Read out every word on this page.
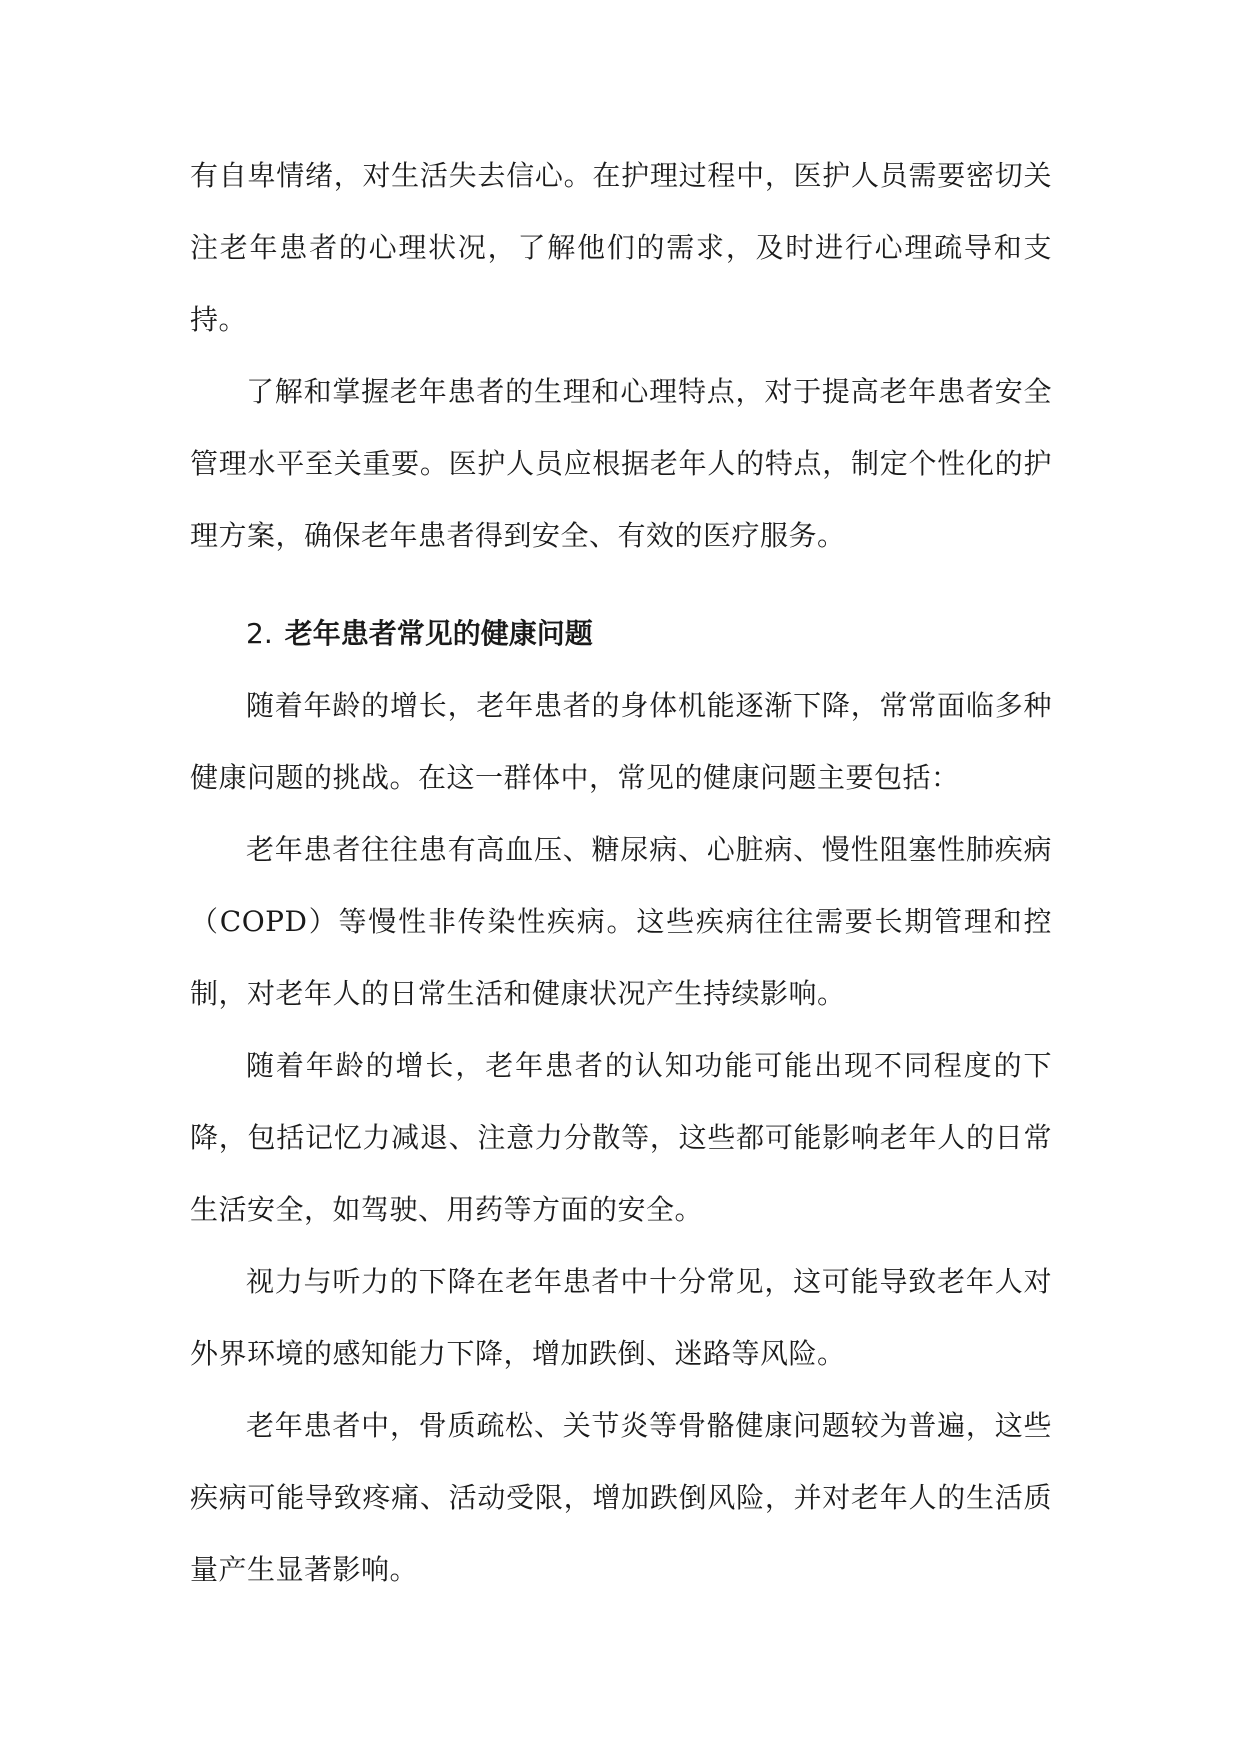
有自卑情绪，对生活失去信心。在护理过程中，医护人员需要密切关注老年患者的心理状况，了解他们的需求，及时进行心理疏导和支持。

了解和掌握老年患者的生理和心理特点，对于提高老年患者安全管理水平至关重要。医护人员应根据老年人的特点，制定个性化的护理方案，确保老年患者得到安全、有效的医疗服务。

2. 老年患者常见的健康问题

随着年龄的增长，老年患者的身体机能逐渐下降，常常面临多种健康问题的挑战。在这一群体中，常见的健康问题主要包括：

老年患者往往患有高血压、糖尿病、心脏病、慢性阻塞性肺疾病（COPD）等慢性非传染性疾病。这些疾病往往需要长期管理和控制，对老年人的日常生活和健康状况产生持续影响。

随着年龄的增长，老年患者的认知功能可能出现不同程度的下降，包括记忆力减退、注意力分散等，这些都可能影响老年人的日常生活安全，如驾驶、用药等方面的安全。

视力与听力的下降在老年患者中十分常见，这可能导致老年人对外界环境的感知能力下降，增加跌倒、迷路等风险。

老年患者中，骨质疏松、关节炎等骨骼健康问题较为普遍，这些疾病可能导致疼痛、活动受限，增加跌倒风险，并对老年人的生活质量产生显著影响。
